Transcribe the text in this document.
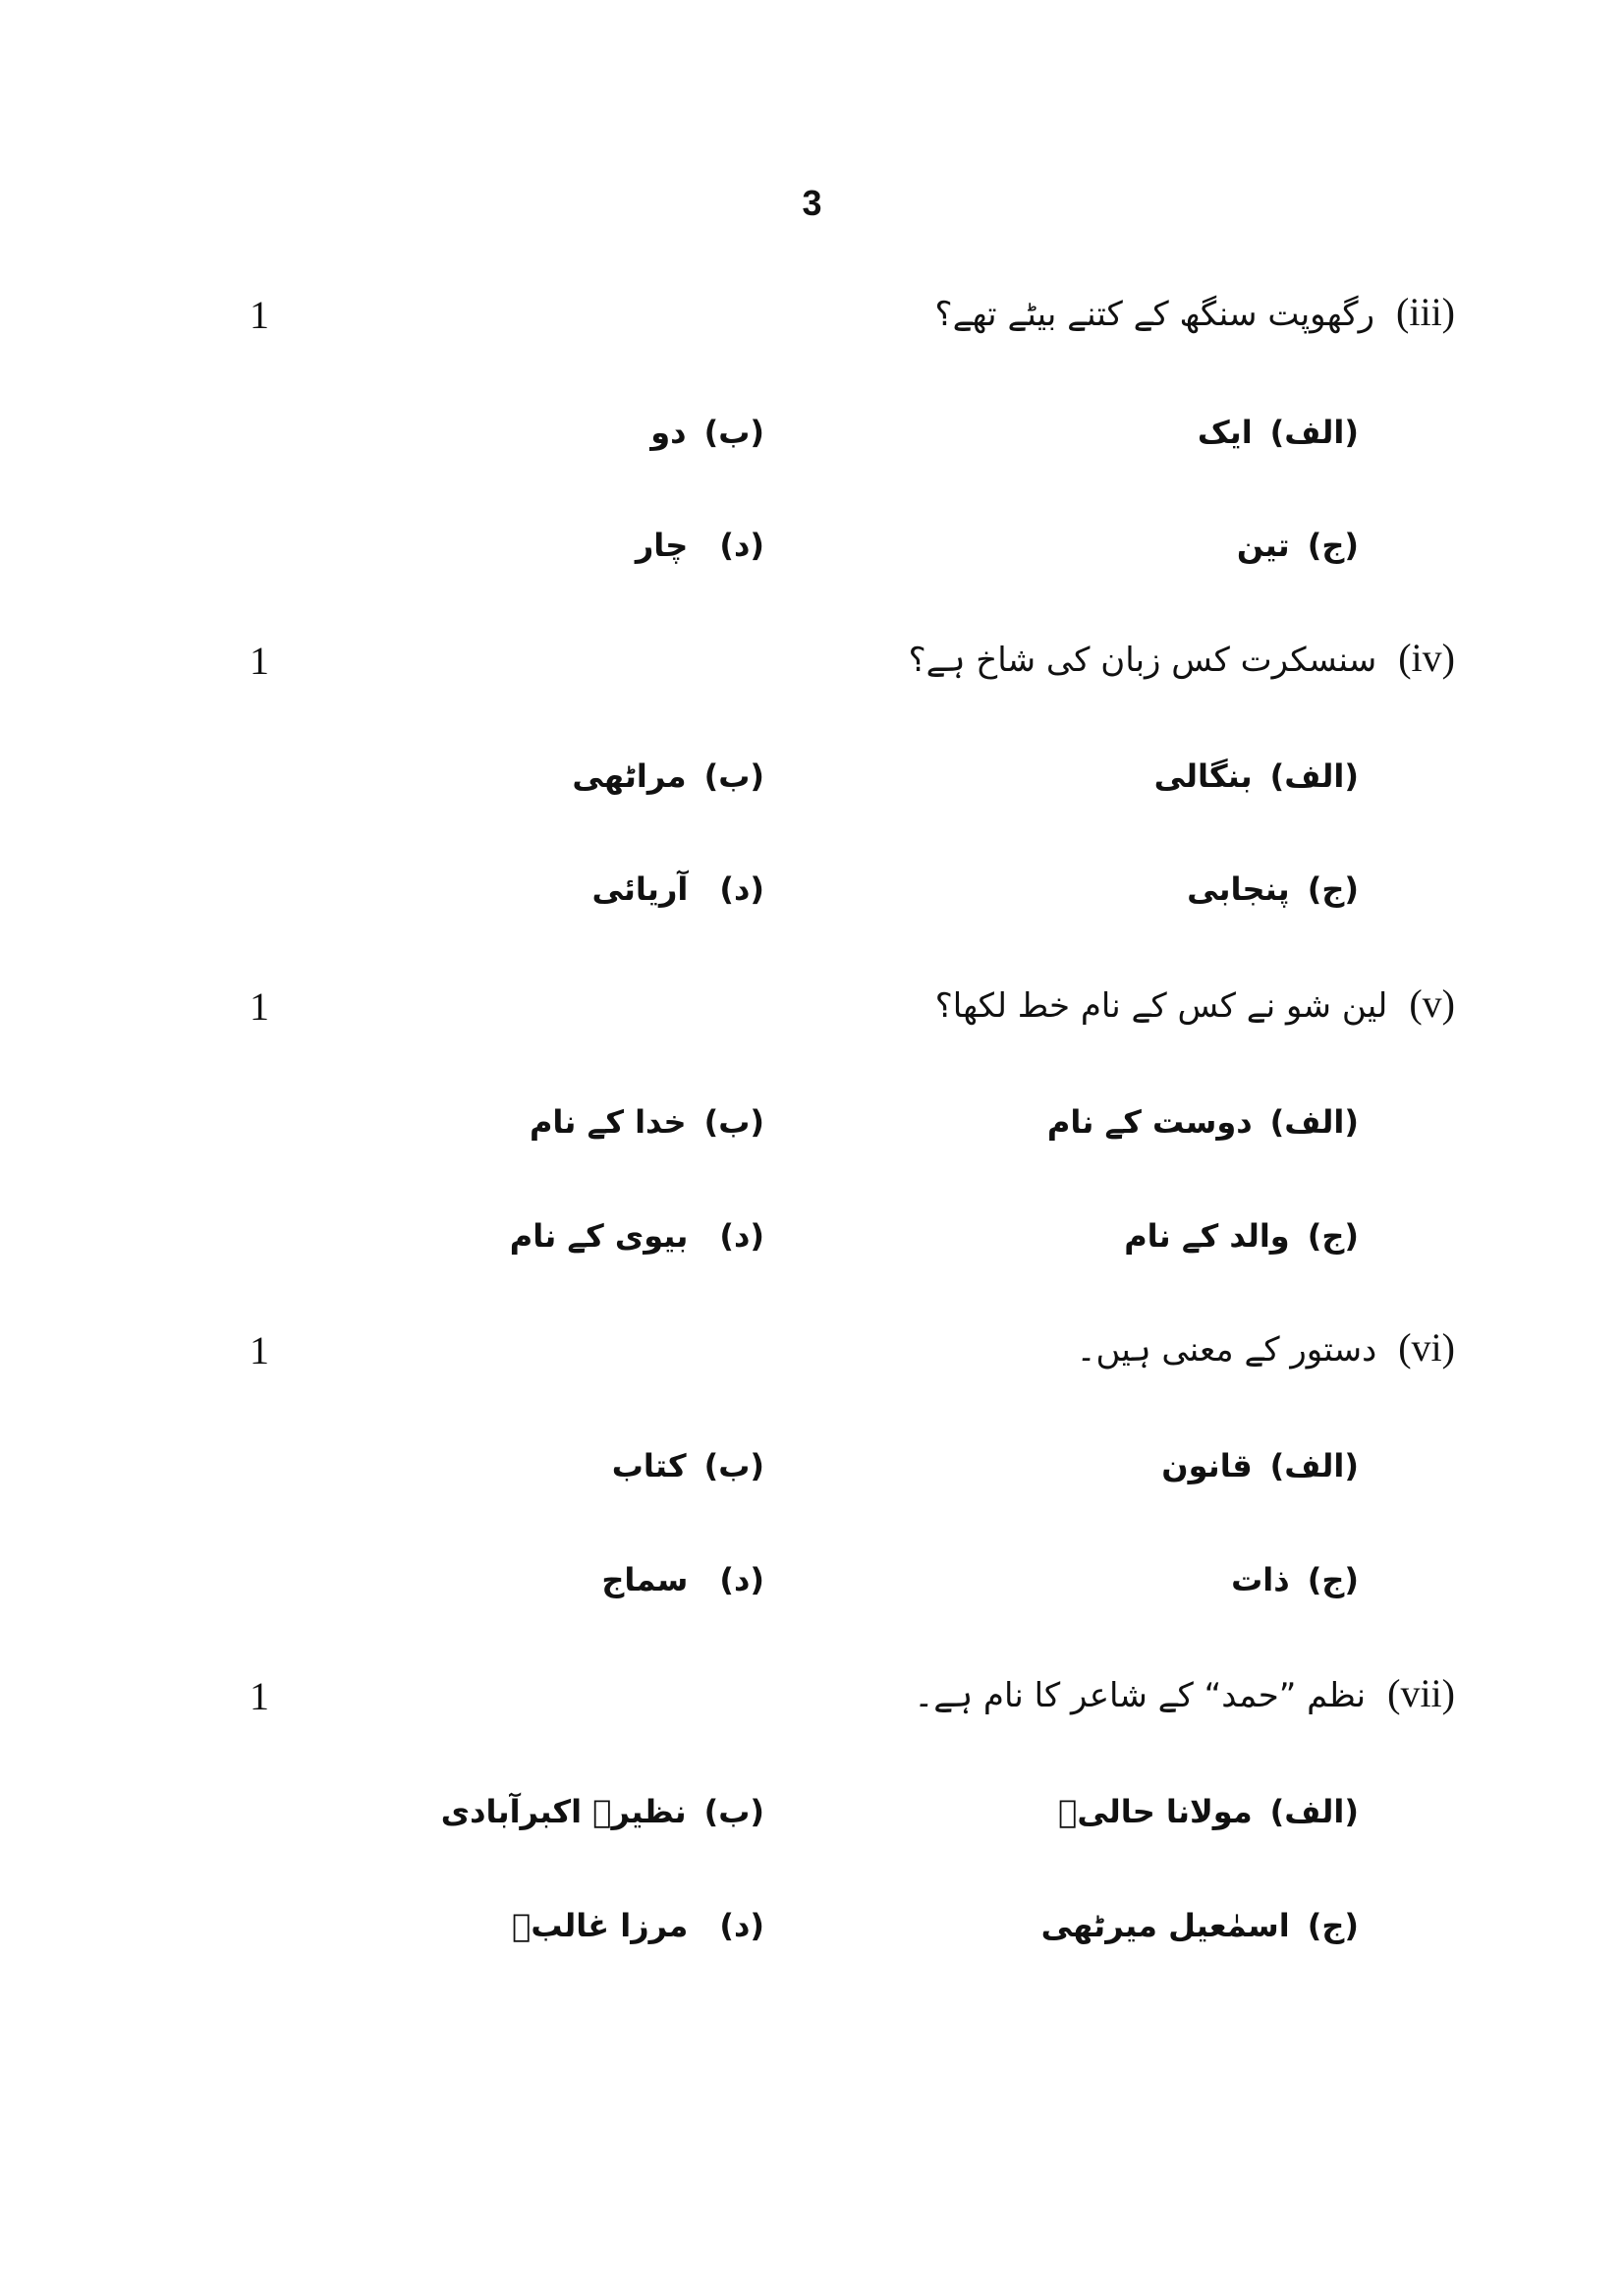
3
1	(iii)
رگھوپت سنگھ کے کتنے بیٹے تھے؟
(الف)
ایک
(ب)
دو
(ج)
تین
(د)
چار
1	(iv)
سنسکرت کس زبان کی شاخ ہے؟
(الف)
بنگالی
(ب)
مراٹھی
(ج)
پنجابی
(د)
آریائی
1	(v)
لین شو نے کس کے نام خط لکھا؟
(الف)
دوست کے نام
(ب)
خدا کے نام
(ج)
والد کے نام
(د)
بیوی کے نام
1	(vi)
دستور کے معنی ہیں۔
(الف)
قانون
(ب)
کتاب
(ج)
ذات
(د)
سماج
1	(vii)
نظم ”حمد“ کے شاعر کا نام ہے۔
(الف)
مولانا حالیؔ
(ب)
نظیرؔ اکبرآبادی
(ج)
اسمٰعیل میرٹھی
(د)
مرزا غالبؔ
